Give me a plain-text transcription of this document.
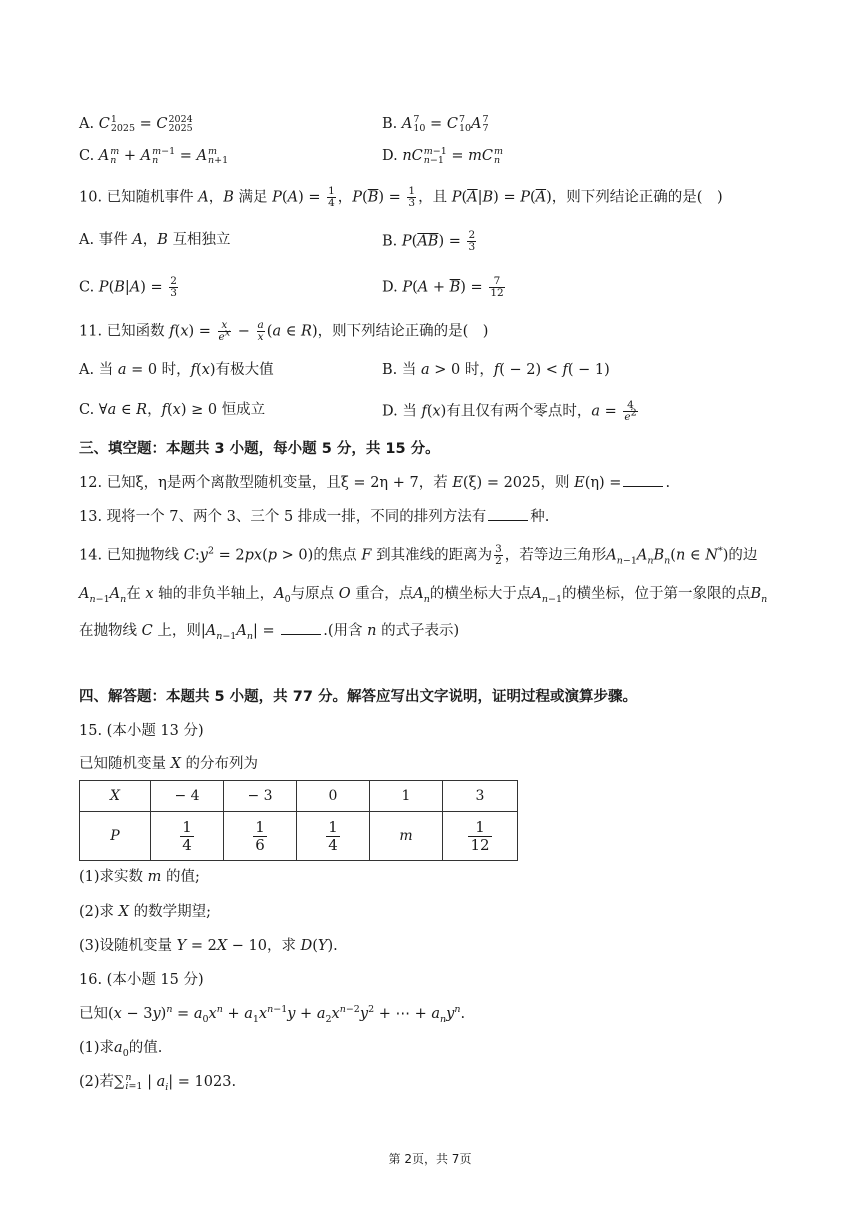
A. C 1
2025 = C 2024
2025	B. A 7
10 = C 7
10 A 7
7
C. A m
n + A m−1
n	= A m
n+1	D. nC m−1
n−1 = mC m
n
10. 已知随机事件 A，B 满足 $P(A) = \frac{1}{4}$ ，$P(\overline{B}) = \frac{1}{3}$ ，且 $P(\overline{A}|B) = P(\overline{A})$，则下列结论正确的是(　)
A. 事件 A，B 互相独立	B. $P(\overline{AB}) = \frac{2}{3}$
C. $P(B|A) = \frac{2}{3}$	D. $P(A + \overline{B}) = \frac{7}{12}$
11. 已知函数 $f(x) = \frac{x}{e^x} - \frac{a}{x} (a$ ∈ R)，则下列结论正确的是(　)
A. 当 a = 0 时，f(x)有极大值	B. 当 a > 0 时，f( − 2) < f( − 1)
C. ∀a ∈ R，f(x) ≥ 0 恒成立	D. 当 f(x)有且仅有两个零点时，$a = \frac{4}{e^2}$
三、填空题：本题共 3 小题，每小题 5 分，共 15 分。
12. 已知ξ，η是两个离散型随机变量，且ξ = 2η + 7，若 E(ξ) = 2025，则 E(η) =	.
13. 现将一个 7、两个 3、三个 5 排成一排，不同的排列方法有	种.
14. 已知抛物线 $C:y^2 = 2px(p > 0)$的焦点 F 到其准线的距离为 $\frac{3}{2}$ ，若等边三角形$A_{n-1}A_nB_n(n$ ∈ N*)的边
$A_{n-1}A_n$在 x 轴的非负半轴上，$A_0$与原点 O 重合，点$A_n$的横坐标大于点$A_{n-1}$的横坐标，位于第一象限的点$B_n$
在抛物线 C 上，则$|A_{n-1}A_n|$ =	.(用含 n 的式子表示)
四、解答题：本题共 5 小题，共 77 分。解答应写出文字说明，证明过程或演算步骤。
15. (本小题 13 分)
已知随机变量 X 的分布列为
X	− 4	− 3	0	1	3
P	$\frac{1}{4}$	$\frac{1}{6}$	$\frac{1}{4}$	m	$\frac{1}{12}$
(1)求实数 m 的值;
(2)求 X 的数学期望;
(3)设随机变量 Y = 2X − 10，求 D(Y).
16. (本小题 15 分)
已知$(x - 3y)^n = a_0x^n + a_1x^{n-1}y + a_2x^{n-2}y^2$ + ⋯ + $a_ny^n$.
(1)求$a_0$的值.
(2)若∑ n
i=1 | $a_i| = 1023$.
第 2页，共 7页
